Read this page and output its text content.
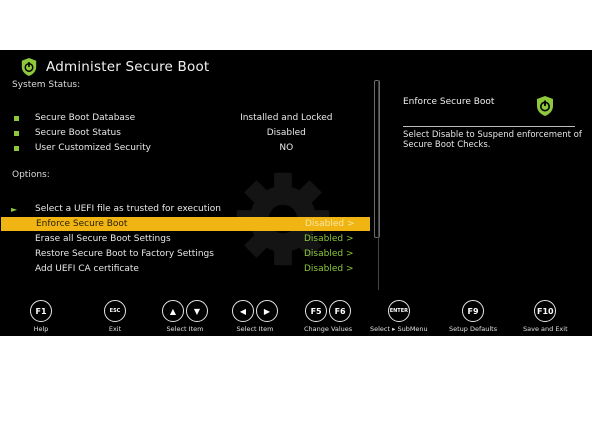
Administer Secure Boot
System Status:
Secure Boot Database	Installed and Locked
Secure Boot Status	Disabled
User Customized Security	NO
Options:
► Select a UEFI file as trusted for execution
Enforce Secure Boot	Disabled >
Erase all Secure Boot Settings	Disabled >
Restore Secure Boot to Factory Settings	Disabled >
Add UEFI CA certificate	Disabled >
Enforce Secure Boot
Select Disable to Suspend enforcement of Secure Boot Checks.
F1
Help
ESC
Exit
▲	▼
Select Item
◀	▶
Select Item
F5	F6
Change Values
ENTER
Select ▸ SubMenu
F9
Setup Defaults
F10
Save and Exit
